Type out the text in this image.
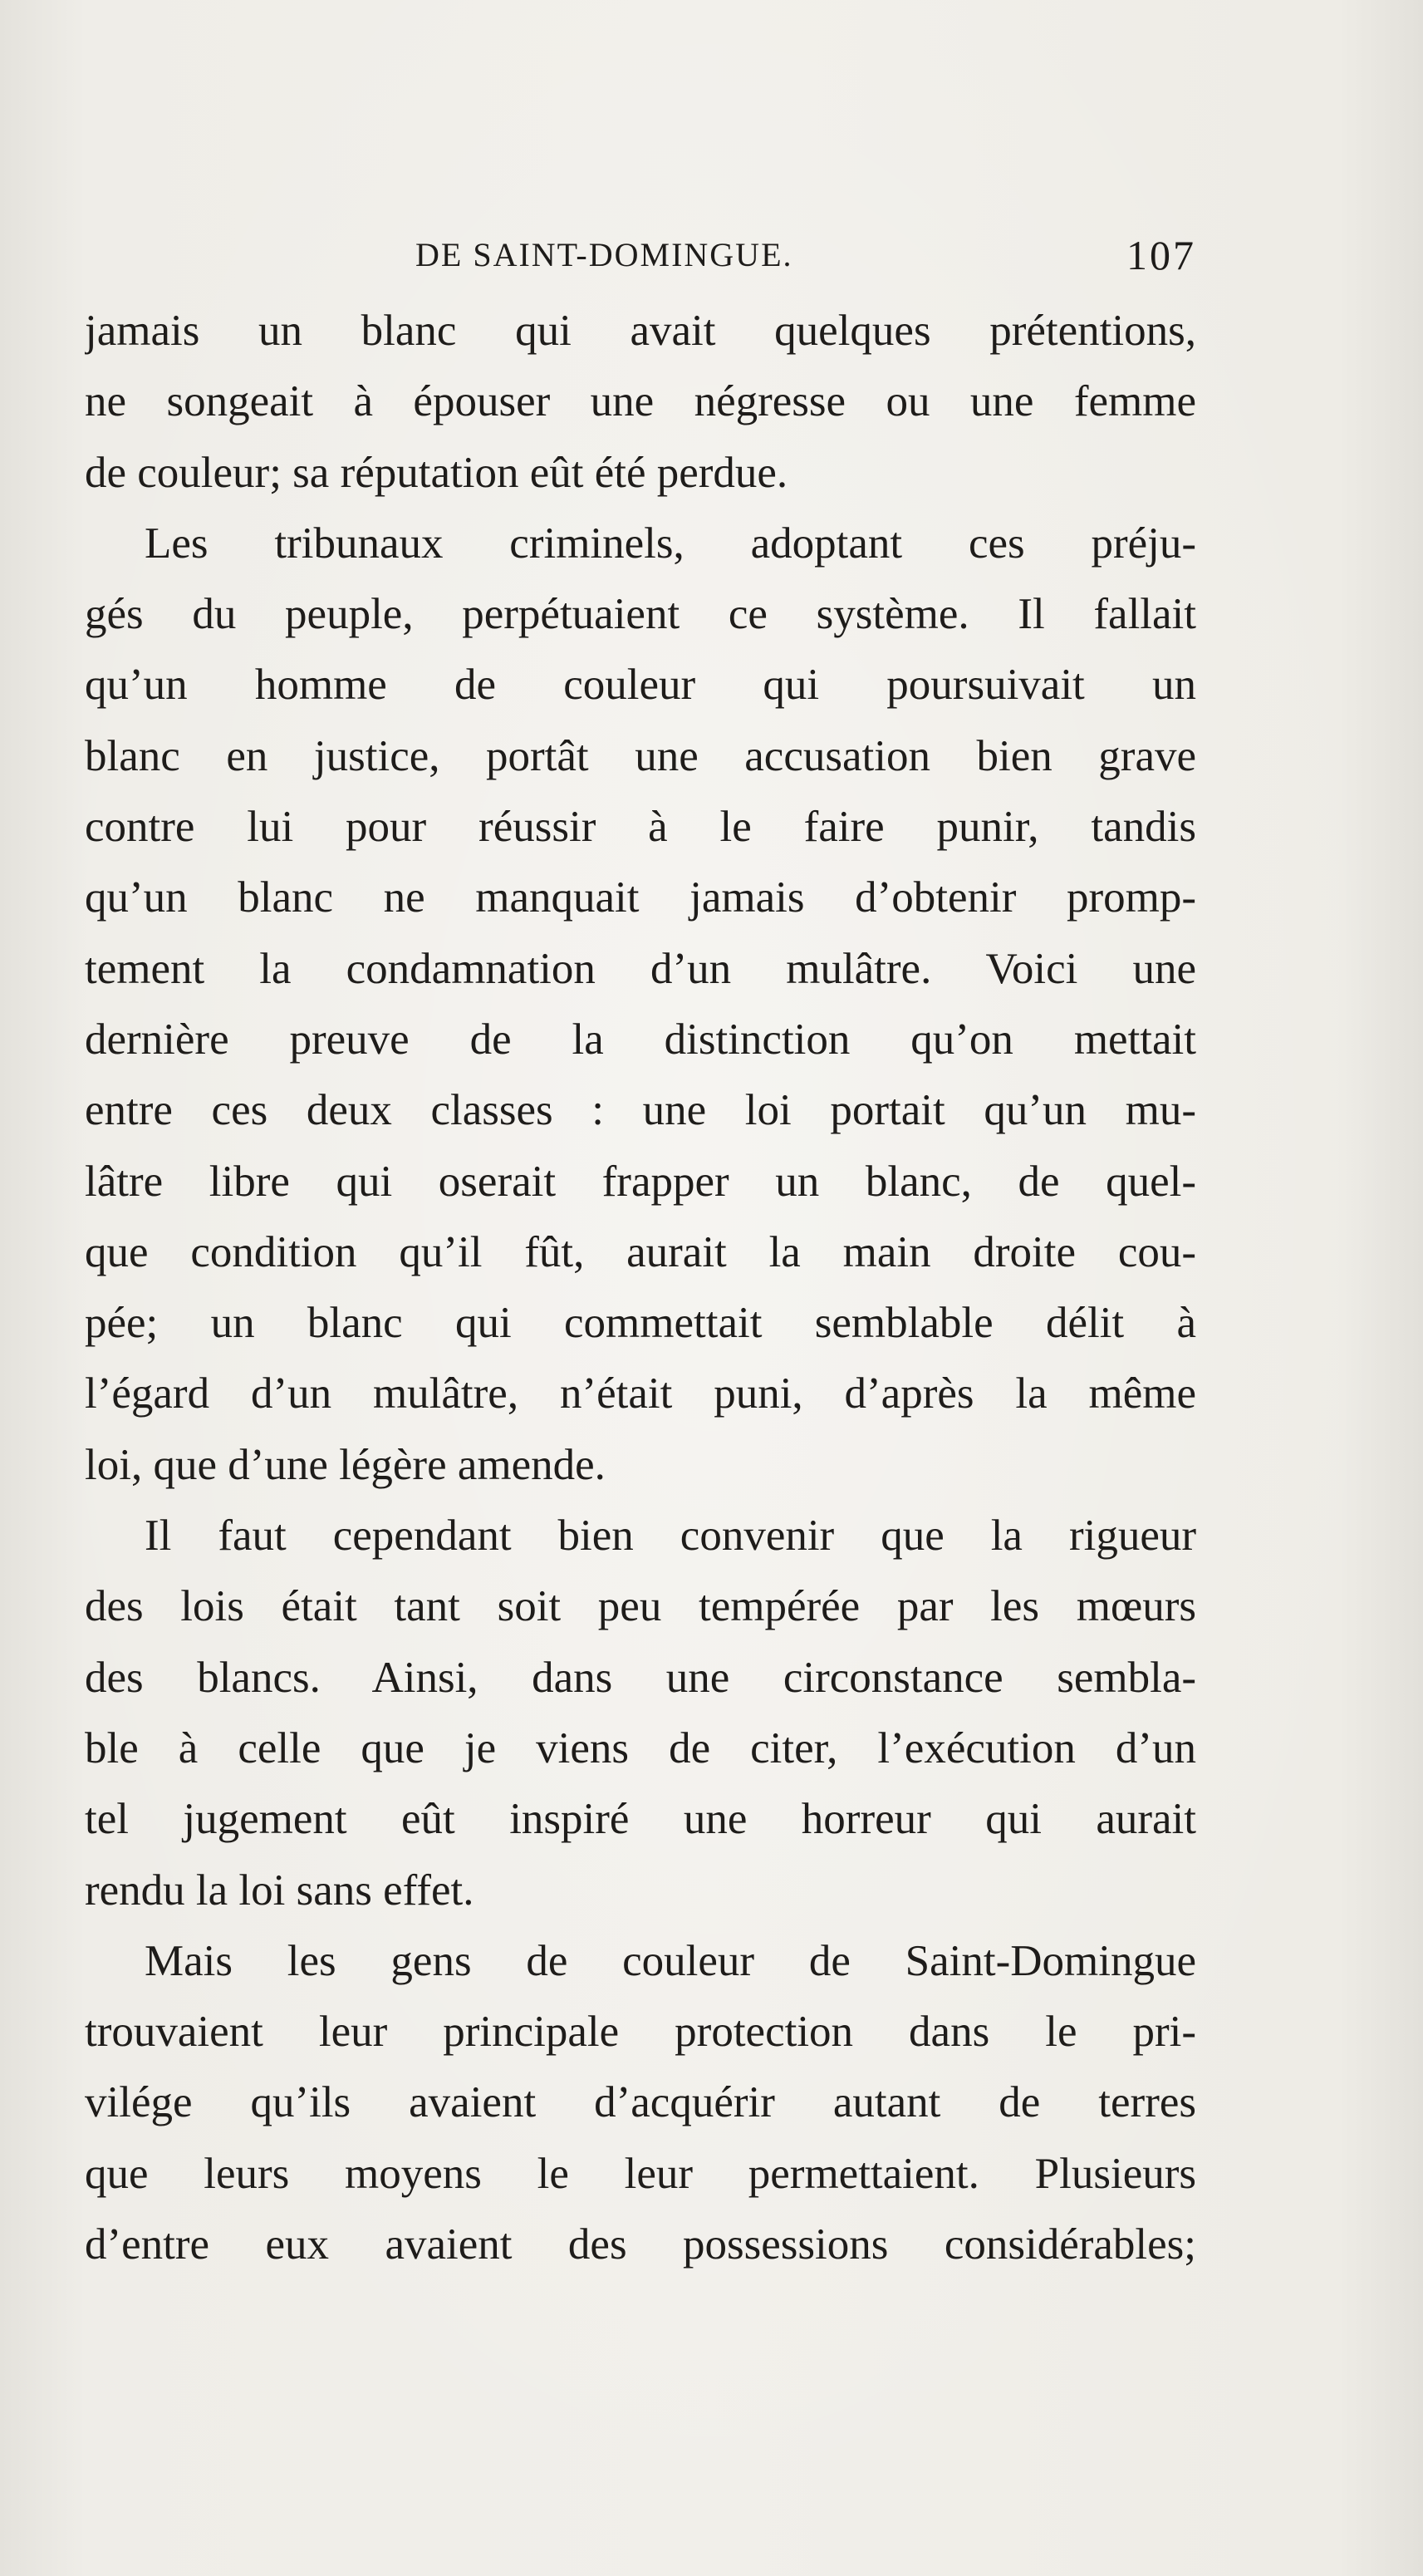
DE SAINT-DOMINGUE.	107
jamais un blanc qui avait quelques prétentions,
ne songeait à épouser une négresse ou une femme
de couleur; sa réputation eût été perdue.
Les tribunaux criminels, adoptant ces préju-
gés du peuple, perpétuaient ce système. Il fallait
qu’un homme de couleur qui poursuivait un
blanc en justice, portât une accusation bien grave
contre lui pour réussir à le faire punir, tandis
qu’un blanc ne manquait jamais d’obtenir promp-
tement la condamnation d’un mulâtre. Voici une
dernière preuve de la distinction qu’on mettait
entre ces deux classes : une loi portait qu’un mu-
lâtre libre qui oserait frapper un blanc, de quel-
que condition qu’il fût, aurait la main droite cou-
pée; un blanc qui commettait semblable délit à
l’égard d’un mulâtre, n’était puni, d’après la même
loi, que d’une légère amende.
Il faut cependant bien convenir que la rigueur
des lois était tant soit peu tempérée par les mœurs
des blancs. Ainsi, dans une circonstance sembla-
ble à celle que je viens de citer, l’exécution d’un
tel jugement eût inspiré une horreur qui aurait
rendu la loi sans effet.
Mais les gens de couleur de Saint-Domingue
trouvaient leur principale protection dans le pri-
vilége qu’ils avaient d’acquérir autant de terres
que leurs moyens le leur permettaient. Plusieurs
d’entre eux avaient des possessions considérables;
